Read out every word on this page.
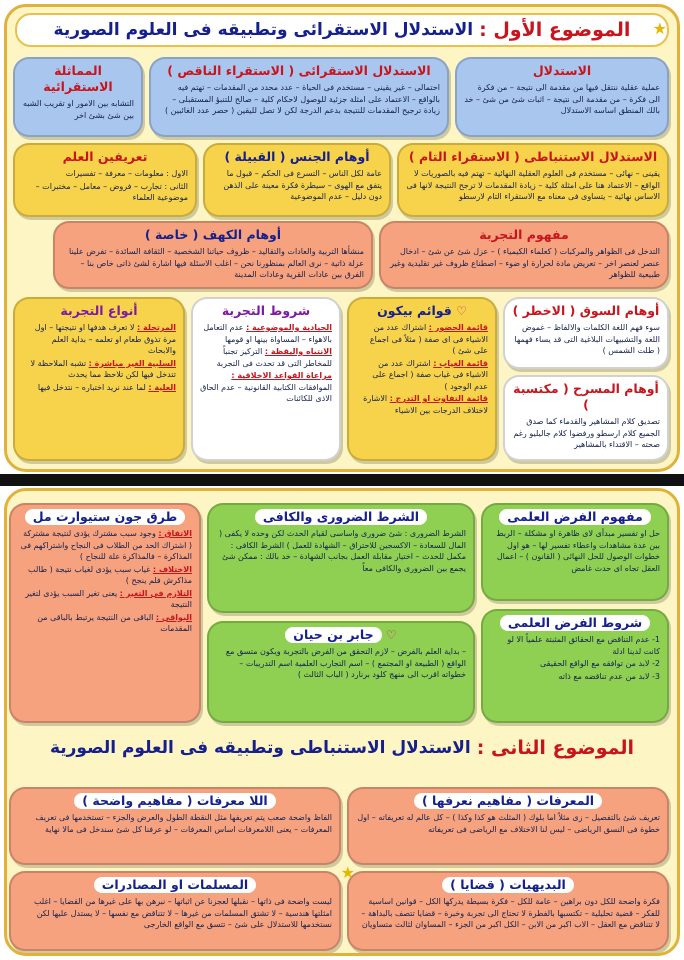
الموضوع الأول :
الاستدلال الاستقرائى وتطبيقه فى العلوم الصورية	★
الاستدلال
عملية عقلية ننتقل فيها من مقدمة الى نتيجة – من فكرة الى فكرة – من مقدمة الى نتيجة – اثبات شئ من شئ – خد بالك المنطق اساسه الاستدلال
الاستدلال الاستقرائى ( الاستقراء الناقص )
احتمالى – غير يقينى – مستخدم فى الحياة – عدد محدد من المقدمات – تهتم فيه بالواقع – الاعتماد على امثلة جزئية للوصول لاحكام كلية – صالح للتنبؤ المستقبلى – زيادة ترجيح المقدمات للنتيجة بدعم الدرجة لكن لا تصل لليقين ( حصر عدد الغائبين )
المماثلة الاستقرائية
التشابه بين الامور او تقريب الشبه بين شئ بشئ اخر
الاستدلال الاستنباطى ( الاستقراء التام )
يقينى – نهائى – مستخدم فى العلوم العقلية النهائية – تهتم فيه بالصوريات لا الواقع – الاعتماد هنا على امثلة كلية – زيادة المقدمات لا ترجح النتيجة لانها فى الاساس نهائية – يتساوى فى معناه مع الاستقراء التام لارسطو
أوهام الجنس ( القبيلة )
عامة لكل الناس – التسرع فى الحكم – قبول ما يتفق مع الهوى – سيطرة فكرة معينة على الذهن دون دليل – عدم الموضوعية
تعريفين العلم

الاول : معلومات – معرفة – تفسيرات

الثانى : تجارب – فروض – معامل – مختبرات – موضوعية العلماء

مفهوم التجربة
التدخل فى الظواهر والمركبات ( كعلماء الكيمياء ) – عزل شئ عن شئ – ادخال عنصر لعنصر اخر – تعريض مادة لحرارة او ضوء – اصطناع ظروف غير تقليدية وغير طبيعية للظواهر
أوهام الكهف ( خاصة )
منشأها التربية والعادات والتقاليد – ظروف حياتنا الشخصية – الثقافة السائدة – تفرض علينا عزلة ذاتية – نرى العالم بمنظورنا نحن – اغلب الاسئلة فيها اشارة لشئ ذاتى خاص بنا – الفرق بين عادات القرية وعادات المدينة
أوهام السوق ( الاخطر )
سوء فهم اللغة الكلمات والالفاظ – غموض اللغة والتشبيهات البلاغية التى قد يساء فهمها ( طلت الشمس )
أوهام المسرح ( مكتسبة )
تصديق كلام المشاهير والقدماء كما صدق الجميع كلام ارسطو ورفضوا كلام جاليليو رغم صحته – الاقتداء بالمشاهير
♡ قوائم بيكون

قائمة الحضور : اشتراك عدد من الاشياء فى اى صفة ( مثلاً فى اجماع على شئ )

قائمة الغياب : اشتراك عدد من الاشياء فى غياب صفة ( اجماع على عدم الوجود )

قائمة التفاوت او التدرج : الاشارة لاختلاف الدرجات بين الاشياء

شروط التجربة

الحيادية والموضوعية : عدم التعامل بالاهواء – المساواة بينها او قومها

الانتباه واليقظة : التركيز تجنباً للمخاطر التى قد تحدث فى التجربة

مراعاة القواعد الاخلاقية : الموافقات الكتابية القانونية – عدم الحاق الاذى للكائنات

أنواع التجربة

المرتجلة : لا تعرف هدفها او نتيجتها – اول مرة تذوق طعام او تعلمه – بداية العلم والابحاث

السلبية الغير مباشرة : تشبه الملاحظة لا تتدخل فيها لكن تلاحظ مما يحدث

العلية : لما عند نريد اختباره – نتدخل فيها

مفهوم الفرض العلمى
حل او تفسير مبدأى لاى ظاهرة او مشكلة – الربط بين عدة مشاهدات واعطاء تفسير لها – هو اول خطوات الوصول للحل النهائى ( القانون ) – اعمال العقل تجاه اى حدث غامض
الشرط الضرورى والكافى
الشرط الضرورى : شئ ضرورى واساسى لقيام الحدث لكن وحده لا يكفى ( المال للسعادة – الاكسجين للاحتراق – الشهادة للعمل ) الشرط الكافى : مكمل للحدث – اختيار مقابلة العمل بجانب الشهادة – خد بالك : ممكن شئ يجمع بين الضرورى والكافى معاً
طرق جون ستيوارت مل

الاتفاق : وجود سبب مشترك يؤدى لنتيجة مشتركة ( اشتراك الحد من الطلاب فى النجاح واشتراكهم فى المذاكرة – فالمذاكرة علة للنجاح )

الاختلاف : غياب سبب يؤدى لغياب نتيجة ( طالب مذاكرش فلم ينجح )

التلازم فى التغير : يعنى تغير السبب يؤدى لتغير النتيجة

البواقى : الباقى من النتيجة يرتبط بالباقى من المقدمات	شروط الفرض العلمى

1- عدم التناقض مع الحقائق المثبتة علمياً الا لو كانت لدينا ادلة

2- لابد من توافقه مع الواقع الحقيقى

3- لابد من عدم تناقضه مع ذاته

♡ جابر بن حيان
– بداية العلم بالفرض – لازم التحقق من الفرض بالتجربة ويكون متسق مع الواقع ( الطبيعة او المجتمع ) – اسم التجارب العلمية اسم التدريبات – خطواته اقرب الى منهج كلود برنارد ( الباب الثالث )
الموضوع الثانى :
الاستدلال الاستنباطى وتطبيقه فى العلوم الصورية
المعرفات ( مفاهيم نعرفها )
تعريف شئ بالتفصيل – زى مثلاً اما بلوك ( المثلث هو كذا وكذا ) – كل عالم له تعريفاته – اول خطوة فى النسق الرياضى – ليس لنا الاختلاف مع الرياضى فى تعريفاته
اللا معرفات ( مفاهيم واضحة )
الفاظ واضحة صعب يتم تعريفها مثل النقطة الطول والعرض والجزء – تستخدمها فى تعريف المعرفات – يعنى اللامعرفات اساس المعرفات – لو عرفنا كل شئ سندخل فى مالا نهاية
البديهيات ( قضايا )
فكرة واضحة للكل دون براهين – عامة للكل – فكرة بسيطة يدركها الكل – قوانين اساسية للفكر – قضية تحليلية – تكتسبها بالفطرة لا تحتاج الى تجربة وخبرة – قضايا تتصف بالبداهة – لا تتناقض مع العقل – الاب اكبر من الابن – الكل اكبر من الجزء – المساوان لثالث متساويان
المسلمات او المصادرات
ليست واضحة فى ذاتها – نقبلها لعجزنا عن اثباتها – نبرهن بها على غيرها من القضايا – اغلب امثلتها هندسية – لا تشتق المسلمات من غيرها – لا تتناقض مع نفسها – لا يستدل عليها لكن نستخدمها للاستدلال على شئ – تتسق مع الواقع الخارجى
★
